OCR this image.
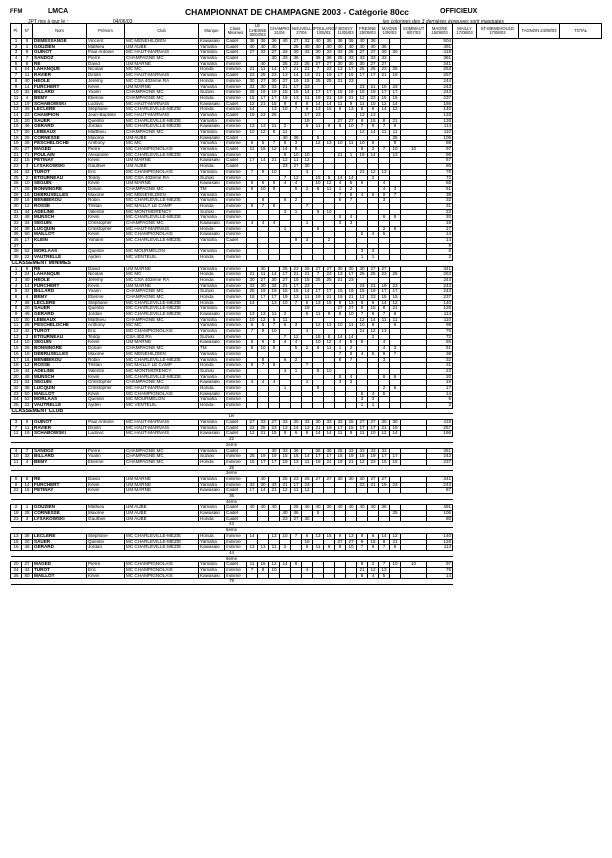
FFM	LMCA	CHAMPIONNAT DE CHAMPAGNE 2003 - Catégorie 80cc	OFFICIEUX
JPT mis à jour le :	04/06/03	les colonnes des 3 dernières épreuves sont masquées
Pl.	N°	Nom	Prénom	Club	Marque	Class. Minimes	LE CHESNE 30/03/03		CHAMPIG. 21/04		NOUVELLE 27/04		POULANGY 1/05/03		BOSSY 11/05/03		FRESNE 25/05/03		MAGNE 1/06/03		SOMMAUT 6/07/03	MAGNE 15/08/03	MAILLY 17/08/03	ST-MENEHOULD 17/08/03	TAGNON 24/08/03	TOTAL
1	5	DEMESSANGE	Vincent	MC MENEHILDIEN	Kawasaki	Cadet	36	36	36	40	27	33	40	36	36	36	40	36				504				
2	1	GOUZIEN	Mathieu	UM AUBE	Yamaha	Cadet	40	40	40		25	40	40	30	40	40	40	40	36			491				
3	9	GUINOT	Paul Antoine	MC HAUT-MARNAIS	Yamaha	Cadet	27	33	27	33	30	33	30	33	33	25	27	27	30	30		418				
4	7	SANDOZ	Pierre	CHAMPAGNE MC	Yamaha	Cadet			30	33	36		36	36	25	33	33	33	33			361				
5	8	RE	David	UM MARNE	Yamaha	minime		40		25	23	25	27	27	30	30	30	27	27			341				
6	24	LAHANQUE	Nicolas	MC MC	Honda	minime	21	11	14	17	21	21	7	23	13	17	25	25	23	25		263				
7	11	RAVIER	Dimitri	MC HAUT-MARNAIS	Yamaha	Cadet	23	25	23	13	14	13	21	19	17	15	17	17	21	19		257				
8	40	HEOLE	Jérémy	MC CSA 402ème RA	Honda	minime	30	27	30	27	19	15	25	25	21	23						244				
9	14	FURCHERT	Kévin	UM MARNE	Yamaha	minime	33	30	33	21	17	23					23	21	19	23		243				
10	32	BILLARD	Yoann	CHAMPAGNE MC	Suzuki	minime	25	19	19	15	15	14	17	17	15	19	15	19	17	17		243				
11	4	BEMY	Etienne	CHAMPAGNE MC	Honda	minime	15	17	17	19	13	11	19	21	19	21	12	23	15	15		237				
12	19	SCHABOWSKI	Ludovic	MC HAUT-MARNAIS	Kawasaki	Cadet	12	21	15	9	6	8	14	14	11	9	11	10	12	14		166				
13	36	LECLERE	Stéphane	MC CHARLEVILLE-MEZIE	Honda	minime	14		13	10	7	6	13	15	9	13	8	6	14	12		140				
14	23	CHAMPION	Jean-Baptiste	MC HAUT-MARNAIS	Yamaha	Cadet	19	23	25			17	23				13	13				133				
15	20	SAUER	Quentin	MC CHARLEVILLE-MEZIE	Yamaha	minime						19			27	27	9	15	8	21		126				
16	46	GERARD	Jordan	MC CHARLEVILLE-MEZIE	Kawasaki	minime	13	13	11	2		5	11	9	8	10	7	9	7	9		114				
17	30	LEBEAUX	Matthieu	CHAMPAGNE MC	Yamaha	minime	10	12	6	11							12	14	11	11		110				
18	25	CORNESSE	Maxime	UM AUBE	Kawasaki	Cadet				40	36		5							25		106				
19	28	PESCHELOCHE	Anthony	MC MC	Yamaha	minime	6	5	7	5	3		12	13	10	11	10	8		8		98				
20	27	MAGED	Pierre	MC CHAMPIGNOLAIS	Yamaha	Cadet	11	15	12	14	8						8	2	7	10	10	97				
21	71	POULAIN	Alexandre	MC CHARLEVILLE-MEZIE	Yamaha	minime				8	10	10			21	1	19	14		13		96				
22	15	PETINAY	Kévin	UM MARNE	Kawasaki	Cadet	17	14	21	12	11	12										87				
23	3	LYSAKOWSKI	Gauthier	UM AUBE	Honda	Cadet				23	27	30										80				
24	42	TUROT	Eric	MC CHAMPIGNOLAIS	Yamaha	minime	7	9	10			4					21	12	13			76				
25	2	ETOURNEAU	Teddy	MC CSA 402ème RA	Suzuki	minime				7	12		15	8	14	14		2				72				
26	10	SEGUIN	Kévin	UM MARNE	Kawasaki	minime	5	6	5	4	4		10	12	4	5	6		4			65				
27	26	BONNINGRE	Dorian	CHAMPAGNE MC	TM	minime	8	10	9		5	2	6	11	1	2			4	3		61				
28	18	DEBRUXELLES	Maxime	MC MENEHILDIEN	Yamaha	minime									7	6	4	5	9	7		38				
29	16	BENIBEKOU	Robin	MC CHARLEVILLE-MEZIE	Yamaha	minime		8		6	2				6	7			3			32				
30	12	ROSSE	Tristan	MC MAILLY LE CAMP	Honda	minime	9	7	8			7										31				
31	44	ADELINE	Valentin	MC MONTMORENCY	Suzuki	minime				3	1		9	10								23				
32	48	MUNSCH	Kévin	MC CHARLEVILLE-MEZIE	Yamaha	minime									5	4			6	5		20				
33	34	SEGUIN	Christopher	CHAMPAGNE MC	Kawasaki	minime	4	4	4			1			3	3						19				
34	38	LUCQUIN	Christopher	MC HAUT-MARNAIS	Honda	minime				1			8						2	6		17				
35	50	MAILLOT	Kévin	MC CHAMPIGNOLAIS	Kawasaki	minime											5	4	5			14				
36	17	KLEIN	Yohann	MC CHARLEVILLE-MEZIE	Yamaha	Cadet					9	3		2								14				
37																						9				
38	52	MORLAAS	Quentin	MC MOURMELON	Yamaha	minime											3	3				6				
39	22	VAUTRELLE	Ayden	MC VENTEUIL	Honda	minime											1	1				2				
CLASSEMENT MINIMES																										
1	8	RE	David	UM MARNE	Yamaha	minime		40		25	23	25	27	27	30	30	30	27	27			341				
2	24	LAHANQUE	Nicolas	MC MC	Honda	minime	21	11	14	17	21	21	7	23	13	17	25	25	23	25		263				
3	40	HEOLE	Jérémy	MC CSA 402ème RA	Honda	minime	30	27	30	27	19	15	25	25	21	23						244				
4	14	FURCHERT	Kévin	UM MARNE	Yamaha	minime	33	30	33	21	17	23					23	21	19	23		243				
5	32	BILLARD	Yoann	CHAMPAGNE MC	Suzuki	minime	25	19	19	15	15	14	17	17	15	19	15	19	17	17		243				
6	4	BEMY	Etienne	CHAMPAGNE MC	Honda	minime	15	17	17	19	13	11	19	21	19	21	12	23	15	15		237				
7	36	LECLERE	Stéphane	MC CHARLEVILLE-MEZIE	Honda	minime	14		13	10	7	6	13	15	9	13	8	6	14	12		140				
8	20	SAUER	Quentin	MC CHARLEVILLE-MEZIE	Yamaha	minime						19			27	27	9	15	8	21		126				
9	46	GERARD	Jordan	MC CHARLEVILLE-MEZIE	Kawasaki	minime	13	13	11	2		5	11	9	8	10	7	9	7	9		114				
10	30	LEBEAUX	Matthieu	CHAMPAGNE MC	Yamaha	minime	10	12	6	11							12	14	11	11		110				
11	28	PESCHELOCHE	Anthony	MC MC	Yamaha	minime	6	5	7	5	3		12	13	10	11	10	8		8		98				
12	42	TUROT	Eric	MC CHAMPIGNOLAIS	Yamaha	minime	7	9	10			4					21	12	13			76				
13	2	ETOURNEAU	Teddy	CSA 402 RA	Suzuki	minime				7	12		15	8	14	14		2				72				
14	10	SEGUIN	Kévin	UM MARNE	Kawasaki	minime	5	6	5	4	4		10	12	4	5	6		4			65				
15	26	BONNINGRE	Dorian	CHAMPAGNE MC	TM	minime	8	10	9		5	2	6	11	1	2			4	3		61				
16	18	DEBRUXELLES	Maxime	MC MENEHILDIEN	Yamaha	minime									7	6	4	5	9	7		38				
17	16	BENIBEKOU	Robin	MC CHARLEVILLE-MEZIE	Yamaha	minime		8		6	2				6	7			3			32				
18	12	ROSSE	Tristan	MC MAILLY LE CAMP	Honda	minime	9	7	8			7										31				
19	44	ADELINE	Valentin	MC MONTMORENCY	Suzuki	minime				3	1		9	10								23				
20	48	MUNSCH	Kévin	MC CHARLEVILLE-MEZIE	Yamaha	minime									5	4			6	5		20				
21	34	SEGUIN	Christopher	CHAMPAGNE MC	Kawasaki	minime	4	4	4			1			3	3						19				
22	38	LUCQUIN	Christopher	MC HAUT-MARNAIS	Honda	minime				1			8						2	6		17				
23	50	MAILLOT	Kévin	MC CHAMPIGNOLAIS	Kawasaki	minime											5	4	5			14				
24	52	MORLAAS	Quentin	MC MOURMELON	Yamaha	minime											3	3				6				
25	22	VAUTRELLE	Ayden	MC VENTEUIL	Honda	minime											1	1				2				
CLASSEMENT CLUB																										
1er																										
3	9	GUINOT	Paul Antoine	MC HAUT-MARNAIS	Yamaha	Cadet	27	33	27	33	30	33	30	33	33	25	27	27	30	30		418				
7	11	RAVIER	Dimitri	MC HAUT-MARNAIS	Yamaha	Cadet	23	25	23	13	14	13	21	19	17	15	17	17	21	19		257				
12	19	SCHABOWSKI	Ludovic	MC HAUT-MARNAIS	Kawasaki	Cadet	12	21	15	9	6	8	14	14	11	9	11	10	12	14		166				
22																										
2ème																										
4	7	SANDOZ	Pierre	CHAMPAGNE MC	Yamaha	Cadet			30	33	36		36	36	25	33	33	33	33			361				
10	32	BILLARD	Yoann	CHAMPAGNE MC	Suzuki	minime	25	19	19	15	15	14	17	17	15	19	15	19	17	17		243				
11	4	BEMY	Etienne	CHAMPAGNE MC	Honda	minime	15	17	17	19	13	11	19	21	19	21	12	23	15	15		237				
25																										
3ème																										
5	8	RE	David	UM MARNE	Yamaha	minime		40		25	23	25	27	27	30	30	30	27	27			341				
9	14	FURCHERT	Kévin	UM MARNE	Yamaha	minime	33	30	33	21	17	23					23	21	19	23		243				
22	15	PETINAY	Kévin	UM MARNE	Kawasaki	Cadet	17	14	21	12	11	12										87				
36																										
4ème																										
2	1	GOUZIEN	Mathieu	UM AUBE	Yamaha	Cadet	40	40	40		25	40	40	30	40	40	40	40	36			491				
18	25	CORNESSE	Maxime	UM AUBE	Kawasaki	Cadet				40	36		5							25		106				
23	3	LYSAKOWSKI	Gauthier	UM AUBE	Honda	Cadet				23	27	30										80				
43																										
5ème																										
13	36	LECLERE	Stéphane	MC CHARLEVILLE-MEZIE	Honda	minime	14		13	10	7	6	13	15	9	13	8	6	14	12		140				
15	20	SAUER	Quentin	MC CHARLEVILLE-MEZIE	Yamaha	minime						19			27	27	9	15	8	21		126				
16	46	GERARD	Jordan	MC CHARLEVILLE-MEZIE	Kawasaki	minime	13	13	11	2		5	11	9	8	10	7	9	7	9		114				
44																										
6ème																										
20	27	MAGED	Pierre	MC CHAMPIGNOLAIS	Yamaha	Cadet	11	15	12	14	8						8	2	7	10	10	97				
24	42	TUROT	Eric	MC CHAMPIGNOLAIS	Yamaha	minime	7	9	10			4					21	12	13			76				
35	50	MAILLOT	Kévin	MC CHAMPIGNOLAIS	Kawasaki	minime											5	4	5			14				
79																										
